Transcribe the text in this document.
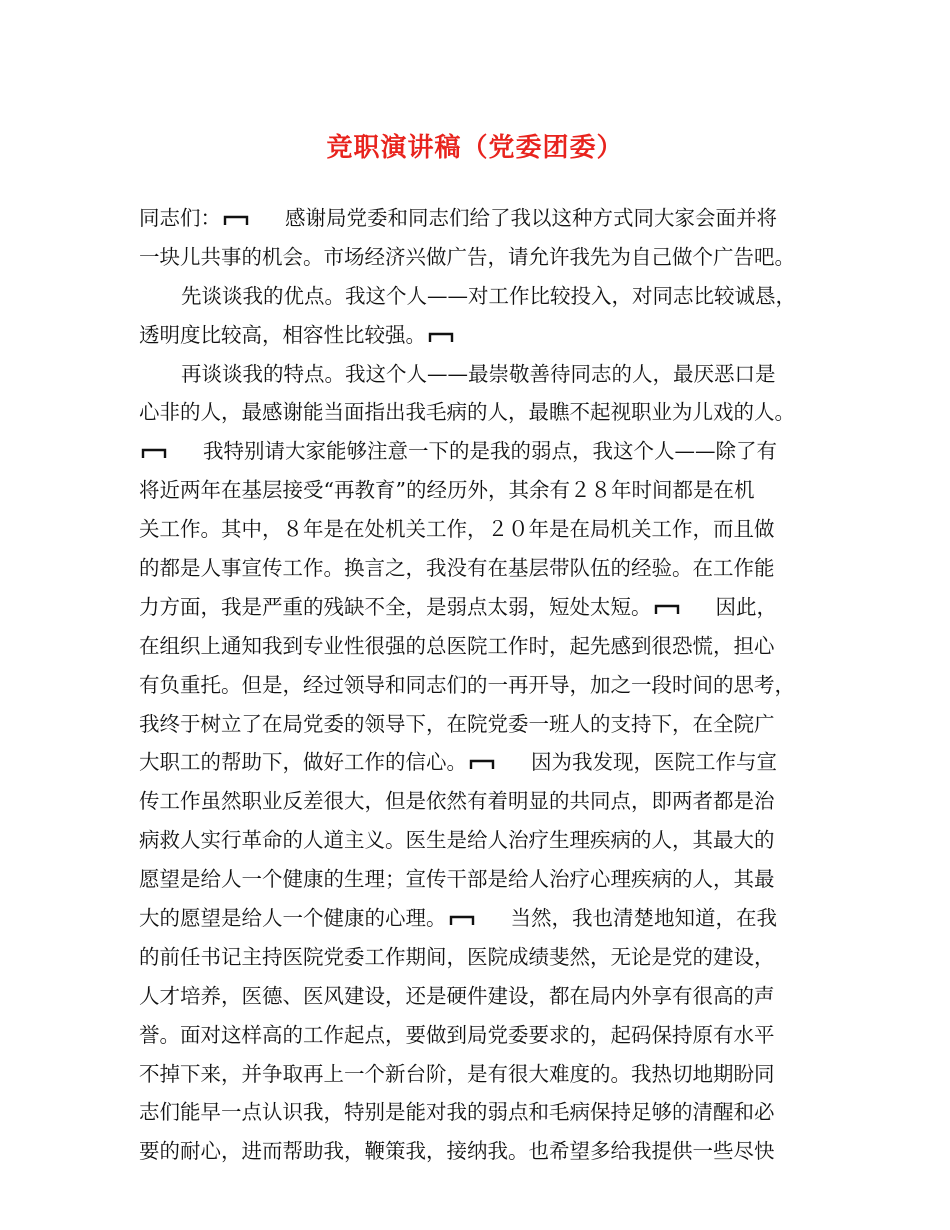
竞职演讲稿（党委团委）
同志们：	感谢局党委和同志们给了我以这种方式同大家会面并将
一块儿共事的机会。市场经济兴做广告，请允许我先为自己做个广告吧。
先谈谈我的优点。我这个人——对工作比较投入，对同志比较诚恳，
透明度比较高，相容性比较强。
再谈谈我的特点。我这个人——最崇敬善待同志的人，最厌恶口是
心非的人，最感谢能当面指出我毛病的人，最瞧不起视职业为儿戏的人。
我特别请大家能够注意一下的是我的弱点，我这个人——除了有
将近两年在基层接受“再教育”的经历外，其余有２８年时间都是在机
关工作。其中，８年是在处机关工作，２０年是在局机关工作，而且做
的都是人事宣传工作。换言之，我没有在基层带队伍的经验。在工作能
力方面，我是严重的残缺不全，是弱点太弱，短处太短。	因此，
在组织上通知我到专业性很强的总医院工作时，起先感到很恐慌，担心
有负重托。但是，经过领导和同志们的一再开导，加之一段时间的思考，
我终于树立了在局党委的领导下，在院党委一班人的支持下，在全院广
大职工的帮助下，做好工作的信心。	因为我发现，医院工作与宣
传工作虽然职业反差很大，但是依然有着明显的共同点，即两者都是治
病救人实行革命的人道主义。医生是给人治疗生理疾病的人，其最大的
愿望是给人一个健康的生理；宣传干部是给人治疗心理疾病的人，其最
大的愿望是给人一个健康的心理。	当然，我也清楚地知道，在我
的前任书记主持医院党委工作期间，医院成绩斐然，无论是党的建设，
人才培养，医德、医风建设，还是硬件建设，都在局内外享有很高的声
誉。面对这样高的工作起点，要做到局党委要求的，起码保持原有水平
不掉下来，并争取再上一个新台阶，是有很大难度的。我热切地期盼同
志们能早一点认识我，特别是能对我的弱点和毛病保持足够的清醒和必
要的耐心，进而帮助我，鞭策我，接纳我。也希望多给我提供一些尽快
